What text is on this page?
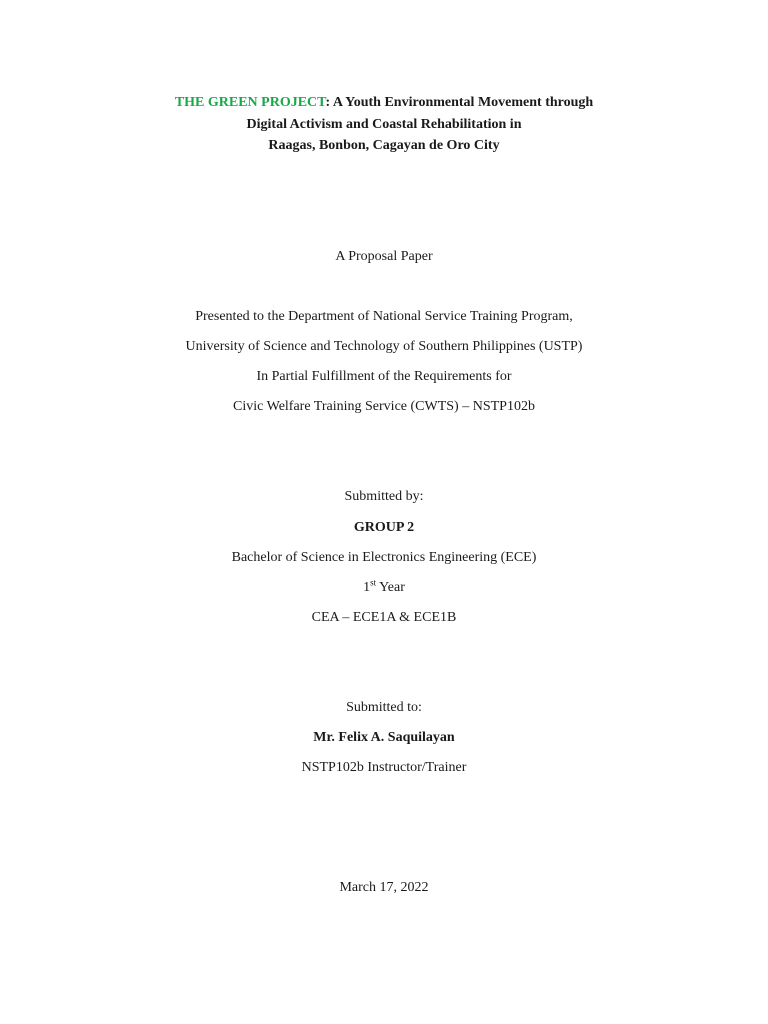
THE GREEN PROJECT: A Youth Environmental Movement through
Digital Activism and Coastal Rehabilitation in
Raagas, Bonbon, Cagayan de Oro City
A Proposal Paper
Presented to the Department of National Service Training Program,
University of Science and Technology of Southern Philippines (USTP)
In Partial Fulfillment of the Requirements for
Civic Welfare Training Service (CWTS) – NSTP102b
Submitted by:
GROUP 2
Bachelor of Science in Electronics Engineering (ECE)
1st Year
CEA – ECE1A & ECE1B
Submitted to:
Mr. Felix A. Saquilayan
NSTP102b Instructor/Trainer
March 17, 2022
